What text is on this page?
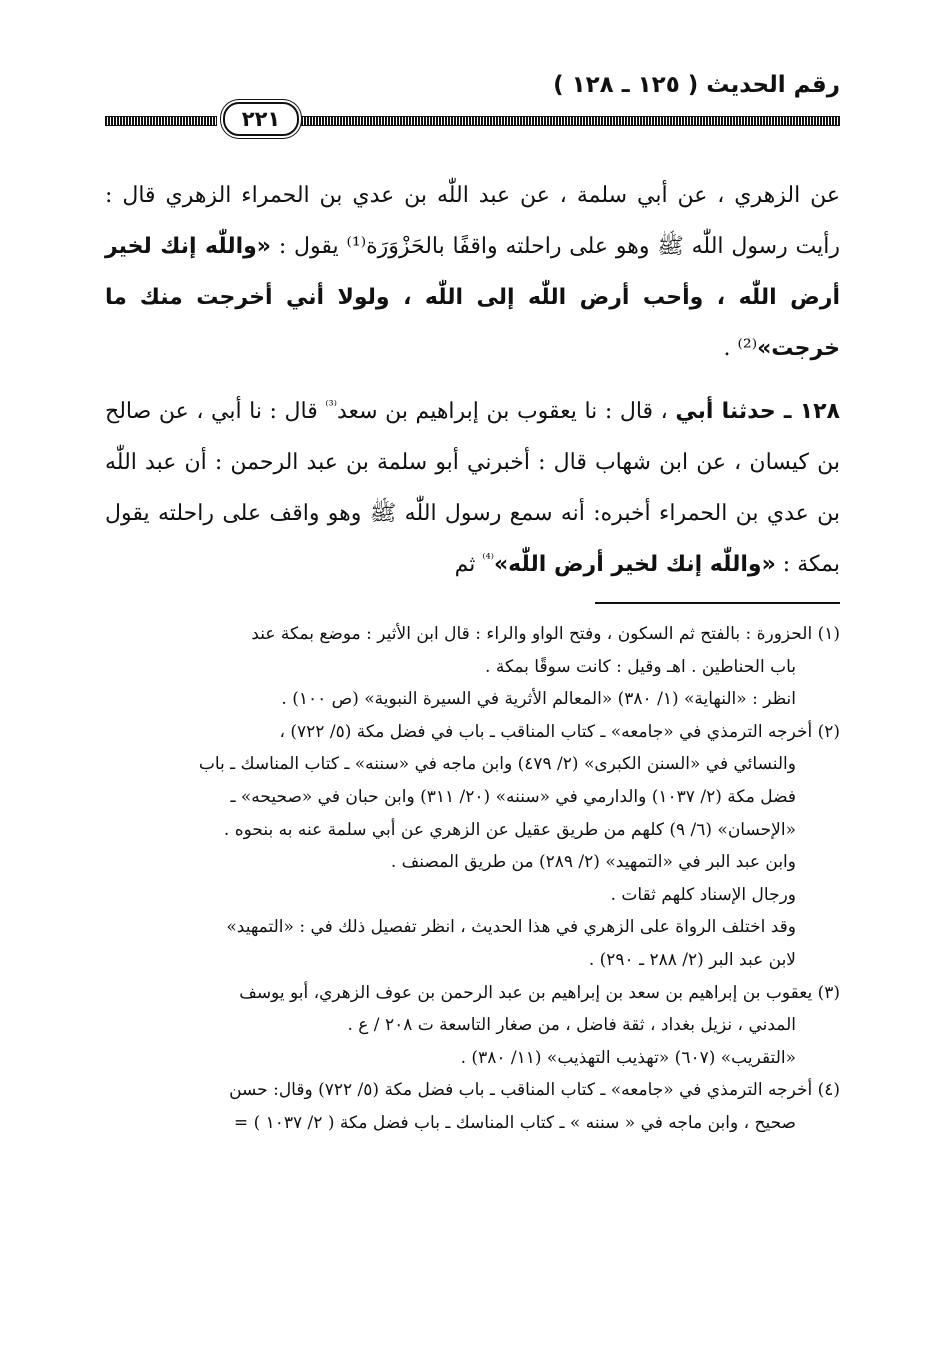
رقم الحديث ( ١٢٥ ـ ١٢٨ )
٢٢١

عن الزهري ، عن أبي سلمة ، عن عبد اللّٰه بن عدي بن الحمراء الزهري قال : رأيت رسول اللّٰه ﷺ وهو على راحلته واقفًا بالحَزْوَرَة⁽¹⁾ يقول : «واللّٰه إنك لخير أرض اللّٰه ، وأحب أرض اللّٰه إلى اللّٰه ، ولولا أني أخرجت منك ما خرجت»⁽²⁾ .

١٢٨ ـ حدثنا أبي ، قال : نا يعقوب بن إبراهيم بن سعد$^{^{(3)}}$ قال : نا أبي ، عن صالح بن كيسان ، عن ابن شهاب قال : أخبرني أبو سلمة بن عبد الرحمن : أن عبد اللّٰه بن عدي بن الحمراء أخبره: أنه سمع رسول اللّٰه ﷺ وهو واقف على راحلته يقول بمكة : «واللّٰه إنك لخير أرض اللّٰه»$^{^{(4)}}$ ثم

(١) الحزورة : بالفتح ثم السكون ، وفتح الواو والراء : قال ابن الأثير : موضع بمكة عند
باب الحناطين . اهـ وقيل : كانت سوقًا بمكة .
انظر : «النهاية» (١/ ٣٨٠) «المعالم الأثرية في السيرة النبوية» (ص ١٠٠) .
(٢) أخرجه الترمذي في «جامعه» ـ كتاب المناقب ـ باب في فضل مكة (٥/ ٧٢٢) ،
والنسائي في «السنن الكبرى» (٢/ ٤٧٩) وابن ماجه في «سننه» ـ كتاب المناسك ـ باب
فضل مكة (٢/ ١٠٣٧) والدارمي في «سننه» (٢٠/ ٣١١) وابن حبان في «صحيحه» ـ
«الإحسان» (٦/ ٩) كلهم من طريق عقيل عن الزهري عن أبي سلمة عنه به بنحوه .
وابن عبد البر في «التمهيد» (٢/ ٢٨٩) من طريق المصنف .
ورجال الإسناد كلهم ثقات .
وقد اختلف الرواة على الزهري في هذا الحديث ، انظر تفصيل ذلك في : «التمهيد»
لابن عبد البر (٢/ ٢٨٨ ـ ٢٩٠) .
(٣) يعقوب بن إبراهيم بن سعد بن إبراهيم بن عبد الرحمن بن عوف الزهري، أبو يوسف
المدني ، نزيل بغداد ، ثقة فاضل ، من صغار التاسعة ت ٢٠٨ / ع .
«التقريب» (٦٠٧) «تهذيب التهذيب» (١١/ ٣٨٠) .
(٤) أخرجه الترمذي في «جامعه» ـ كتاب المناقب ـ باب فضل مكة (٥/ ٧٢٢) وقال: حسن
صحيح ، وابن ماجه في « سننه » ـ كتاب المناسك ـ باب فضل مكة ( ٢/ ١٠٣٧ ) =
